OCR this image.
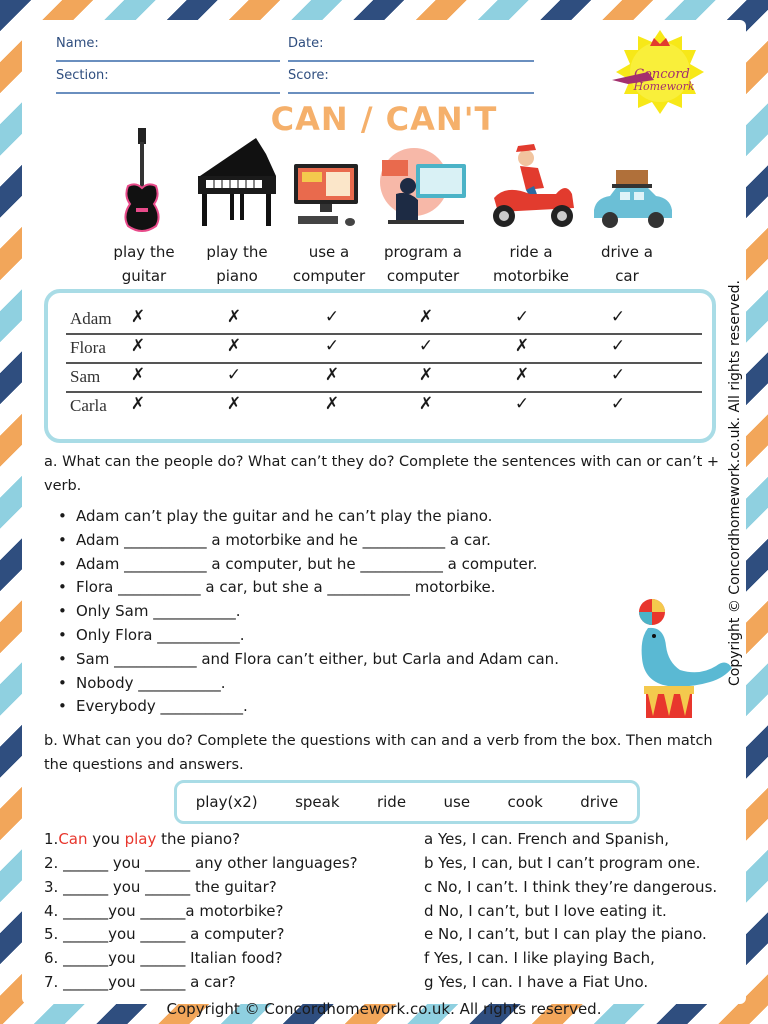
Name:	Date:
Section:	Score:	Concord
Homework
CAN / CAN'T
play the
guitar
play the
piano
use a
computer
program a
computer
ride a
motorbike
drive a
car
Adam ✗	✗	✓	✗	✓	✓
Flora ✗	✗	✓	✓	✗	✓
Sam ✗	✓	✗	✗	✗	✓
Carla ✗	✗	✗	✗	✓	✓
a. What can the people do? What can’t they do? Complete the sentences with can or can’t + verb.
• Adam can’t play the guitar and he can’t play the piano.
• Adam ___________ a motorbike and he ___________ a car.
• Adam ___________ a computer, but he ___________ a computer.
• Flora ___________ a car, but she a ___________ motorbike.
• Only Sam ___________.
• Only Flora ___________.
• Sam ___________ and Flora can’t either, but Carla and Adam can.
• Nobody ___________.
• Everybody ___________.
Copyright © Concordhomework.co.uk. All rights reserved.
b. What can you do? Complete the questions with can and a verb from the box. Then match the questions and answers.
play(x2) speak ride use cook drive
1.Can you play the piano?
2. ______ you ______ any other languages?
3. ______ you ______ the guitar?
4. ______you ______a motorbike?
5. ______you ______ a computer?
6. ______you ______ Italian food?
7. ______you ______ a car?
a Yes, I can. French and Spanish,
b Yes, I can, but I can’t program one.
c No, I can’t. I think they’re dangerous.
d No, I can’t, but I love eating it.
e No, I can’t, but I can play the piano.
f Yes, I can. I like playing Bach,
g Yes, I can. I have a Fiat Uno.
Copyright © Concordhomework.co.uk. All rights reserved.
